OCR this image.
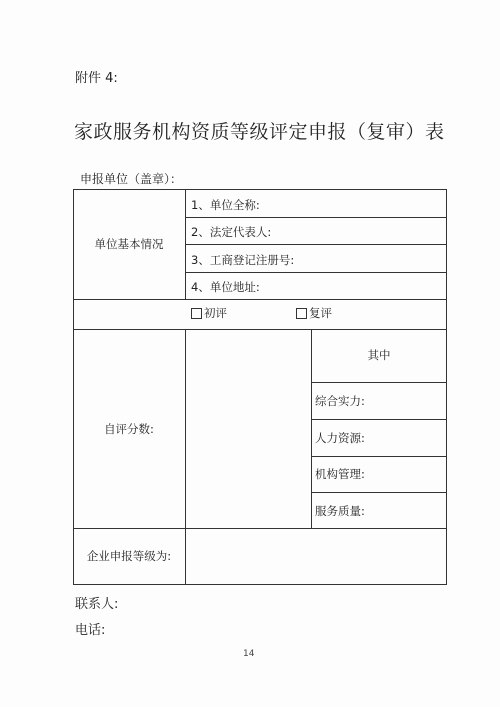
附件 4:
家政服务机构资质等级评定申报（复审）表
申报单位（盖章）：
单位基本情况
1、单位全称:
2、法定代表人:
3、工商登记注册号:
4、单位地址:
自评分数:
其中
综合实力:
人力资源:
机构管理:
服务质量:
企业申报等级为:
初评	复评
联系人:
电话:
14
